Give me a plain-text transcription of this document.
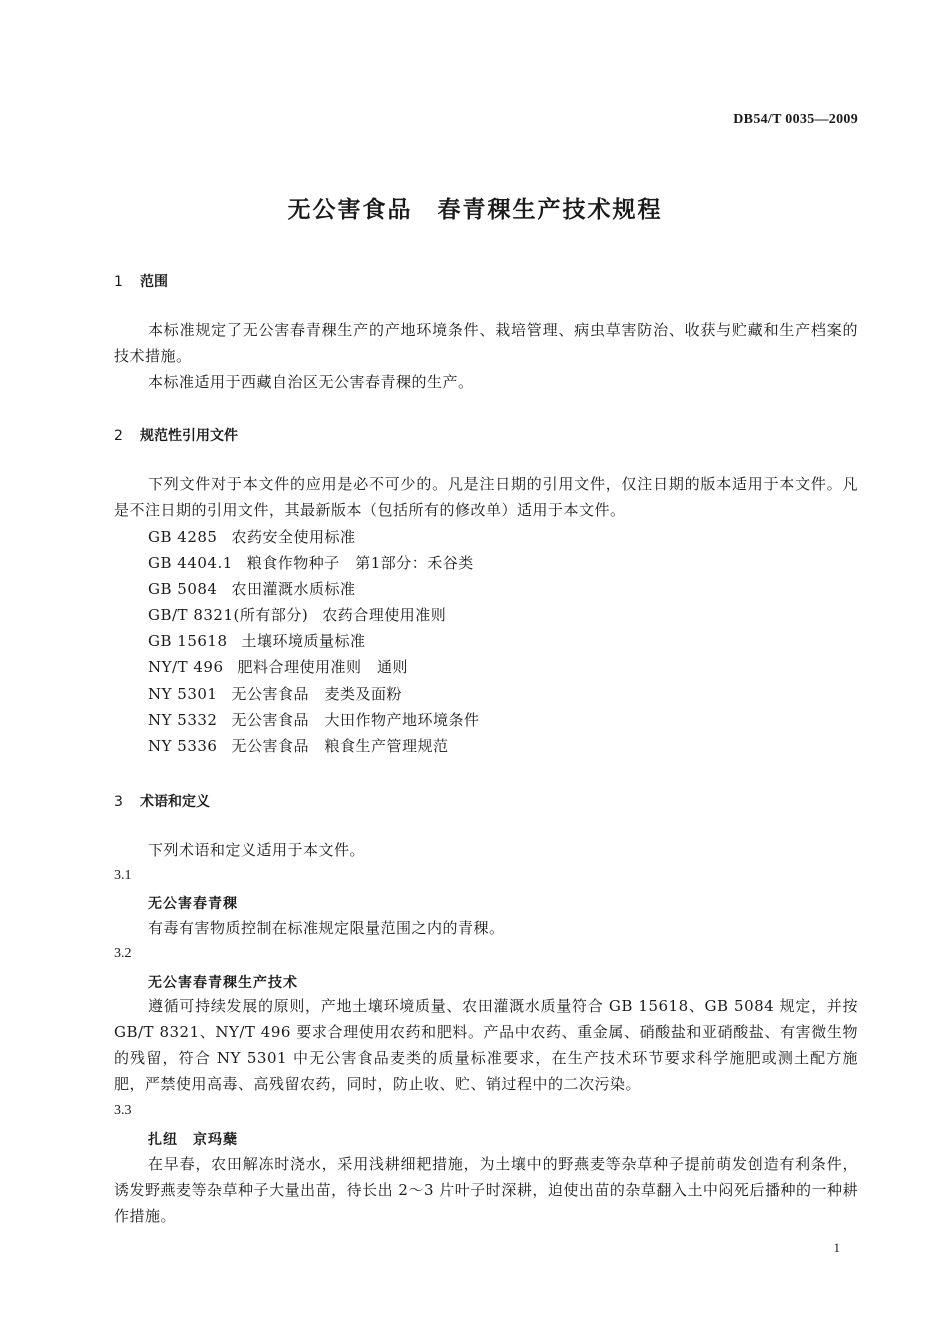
DB54/T 0035—2009
无公害食品　春青稞生产技术规程
1 范围
本标准规定了无公害春青稞生产的产地环境条件、栽培管理、病虫草害防治、收获与贮藏和生产档案的技术措施。
本标准适用于西藏自治区无公害春青稞的生产。
2 规范性引用文件
下列文件对于本文件的应用是必不可少的。凡是注日期的引用文件，仅注日期的版本适用于本文件。凡是不注日期的引用文件，其最新版本（包括所有的修改单）适用于本文件。
GB 4285 农药安全使用标准
GB 4404.1 粮食作物种子　第1部分：禾谷类
GB 5084 农田灌溉水质标准
GB/T 8321(所有部分) 农药合理使用准则
GB 15618 土壤环境质量标准
NY/T 496 肥料合理使用准则　通则
NY 5301 无公害食品　麦类及面粉
NY 5332 无公害食品　大田作物产地环境条件
NY 5336 无公害食品　粮食生产管理规范
3 术语和定义
下列术语和定义适用于本文件。
3.1
无公害春青稞
有毒有害物质控制在标准规定限量范围之内的青稞。
3.2
无公害春青稞生产技术
遵循可持续发展的原则，产地土壤环境质量、农田灌溉水质量符合 GB 15618、GB 5084 规定，并按 GB/T 8321、NY/T 496 要求合理使用农药和肥料。产品中农药、重金属、硝酸盐和亚硝酸盐、有害微生物的残留，符合 NY 5301 中无公害食品麦类的质量标准要求，在生产技术环节要求科学施肥或测土配方施肥，严禁使用高毒、高残留农药，同时，防止收、贮、销过程中的二次污染。
3.3
扎纽　京玛蘖
在早春，农田解冻时浇水，采用浅耕细耙措施，为土壤中的野燕麦等杂草种子提前萌发创造有利条件，诱发野燕麦等杂草种子大量出苗，待长出 2～3 片叶子时深耕，迫使出苗的杂草翻入土中闷死后播种的一种耕作措施。
1
